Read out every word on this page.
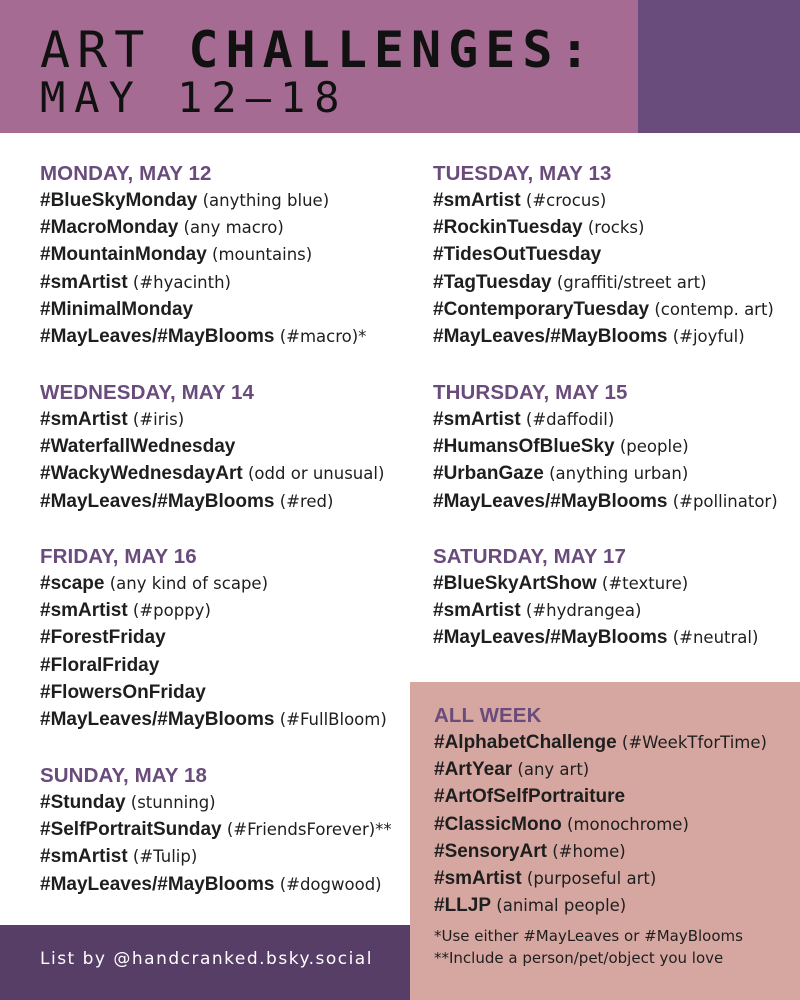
ART CHALLENGES:
MAY 12–18
MONDAY, MAY 12
#BlueSkyMonday (anything blue)
#MacroMonday (any macro)
#MountainMonday (mountains)
#smArtist (#hyacinth)
#MinimalMonday
#MayLeaves/#MayBlooms (#macro)*
TUESDAY, MAY 13
#smArtist (#crocus)
#RockinTuesday (rocks)
#TidesOutTuesday
#TagTuesday (graffiti/street art)
#ContemporaryTuesday (contemp. art)
#MayLeaves/#MayBlooms (#joyful)
WEDNESDAY, MAY 14
#smArtist (#iris)
#WaterfallWednesday
#WackyWednesdayArt (odd or unusual)
#MayLeaves/#MayBlooms (#red)
THURSDAY, MAY 15
#smArtist (#daffodil)
#HumansOfBlueSky (people)
#UrbanGaze (anything urban)
#MayLeaves/#MayBlooms (#pollinator)
FRIDAY, MAY 16
#scape (any kind of scape)
#smArtist (#poppy)
#ForestFriday
#FloralFriday
#FlowersOnFriday
#MayLeaves/#MayBlooms (#FullBloom)
SATURDAY, MAY 17
#BlueSkyArtShow (#texture)
#smArtist (#hydrangea)
#MayLeaves/#MayBlooms (#neutral)
SUNDAY, MAY 18
#Stunday (stunning)
#SelfPortraitSunday (#FriendsForever)**
#smArtist (#Tulip)
#MayLeaves/#MayBlooms (#dogwood)
ALL WEEK
#AlphabetChallenge (#WeekTforTime)
#ArtYear (any art)
#ArtOfSelfPortraiture
#ClassicMono (monochrome)
#SensoryArt (#home)
#smArtist (purposeful art)
#LLJP (animal people)
*Use either #MayLeaves or #MayBlooms
**Include a person/pet/object you love
List by @handcranked.bsky.social
